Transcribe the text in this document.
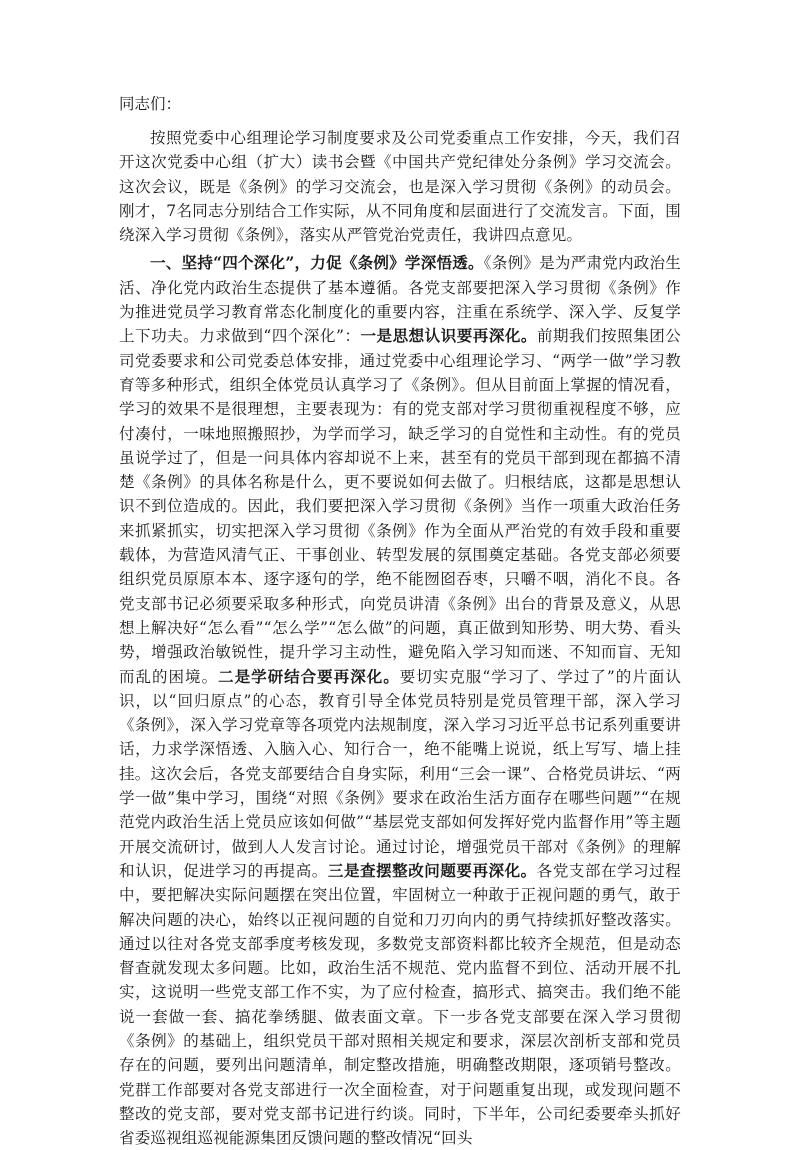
同志们：

按照党委中心组理论学习制度要求及公司党委重点工作安排，今天，我们召开这次党委中心组（扩大）读书会暨《中国共产党纪律处分条例》学习交流会。这次会议，既是《条例》的学习交流会，也是深入学习贯彻《条例》的动员会。刚才，7名同志分别结合工作实际，从不同角度和层面进行了交流发言。下面，围绕深入学习贯彻《条例》，落实从严管党治党责任，我讲四点意见。

一、坚持“四个深化”，力促《条例》学深悟透。《条例》是为严肃党内政治生活、净化党内政治生态提供了基本遵循。各党支部要把深入学习贯彻《条例》作为推进党员学习教育常态化制度化的重要内容，注重在系统学、深入学、反复学上下功夫。力求做到“四个深化”：一是思想认识要再深化。前期我们按照集团公司党委要求和公司党委总体安排，通过党委中心组理论学习、“两学一做”学习教育等多种形式，组织全体党员认真学习了《条例》。但从目前面上掌握的情况看，学习的效果不是很理想，主要表现为：有的党支部对学习贯彻重视程度不够，应付凑付，一味地照搬照抄，为学而学习，缺乏学习的自觉性和主动性。有的党员虽说学过了，但是一问具体内容却说不上来，甚至有的党员干部到现在都搞不清楚《条例》的具体名称是什么，更不要说如何去做了。归根结底，这都是思想认识不到位造成的。因此，我们要把深入学习贯彻《条例》当作一项重大政治任务来抓紧抓实，切实把深入学习贯彻《条例》作为全面从严治党的有效手段和重要载体，为营造风清气正、干事创业、转型发展的氛围奠定基础。各党支部必须要组织党员原原本本、逐字逐句的学，绝不能囫囵吞枣，只嚼不咽，消化不良。各党支部书记必须要采取多种形式，向党员讲清《条例》出台的背景及意义，从思想上解决好“怎么看”“怎么学”“怎么做”的问题，真正做到知形势、明大势、看头势，增强政治敏锐性，提升学习主动性，避免陷入学习知而迷、不知而盲、无知而乱的困境。二是学研结合要再深化。要切实克服“学习了、学过了”的片面认识，以“回归原点”的心态，教育引导全体党员特别是党员管理干部，深入学习《条例》，深入学习党章等各项党内法规制度，深入学习习近平总书记系列重要讲话，力求学深悟透、入脑入心、知行合一，绝不能嘴上说说，纸上写写、墙上挂挂。这次会后，各党支部要结合自身实际，利用“三会一课”、合格党员讲坛、“两学一做”集中学习，围绕“对照《条例》要求在政治生活方面存在哪些问题”“在规范党内政治生活上党员应该如何做”“基层党支部如何发挥好党内监督作用”等主题开展交流研讨，做到人人发言讨论。通过讨论，增强党员干部对《条例》的理解和认识，促进学习的再提高。三是查摆整改问题要再深化。各党支部在学习过程中，要把解决实际问题摆在突出位置，牢固树立一种敢于正视问题的勇气，敢于解决问题的决心，始终以正视问题的自觉和刀刃向内的勇气持续抓好整改落实。通过以往对各党支部季度考核发现，多数党支部资料都比较齐全规范，但是动态督查就发现太多问题。比如，政治生活不规范、党内监督不到位、活动开展不扎实，这说明一些党支部工作不实，为了应付检查，搞形式、搞突击。我们绝不能说一套做一套、搞花拳绣腿、做表面文章。下一步各党支部要在深入学习贯彻《条例》的基础上，组织党员干部对照相关规定和要求，深层次剖析支部和党员存在的问题，要列出问题清单，制定整改措施，明确整改期限，逐项销号整改。党群工作部要对各党支部进行一次全面检查，对于问题重复出现，或发现问题不整改的党支部，要对党支部书记进行约谈。同时，下半年，公司纪委要牵头抓好省委巡视组巡视能源集团反馈问题的整改情况“回头
